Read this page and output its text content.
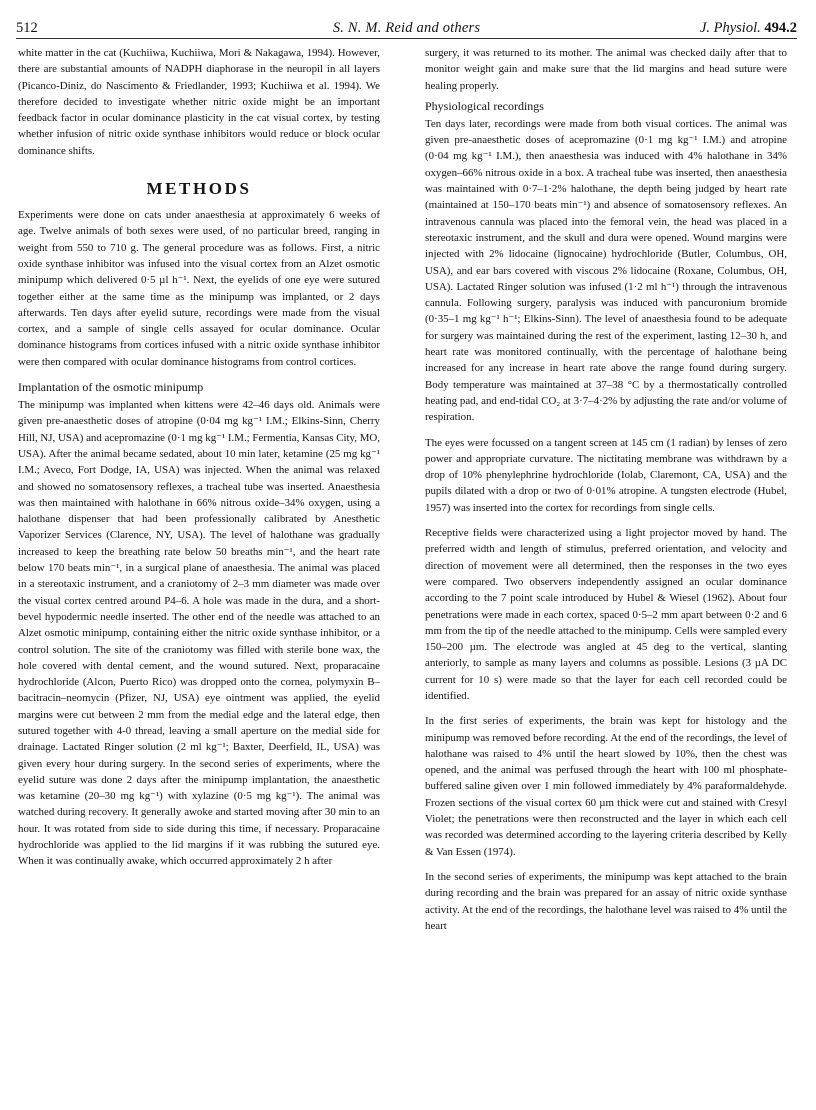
512	S. N. M. Reid and others	J. Physiol. 494.2

white matter in the cat (Kuchiiwa, Kuchiiwa, Mori & Nakagawa, 1994). However, there are substantial amounts of NADPH diaphorase in the neuropil in all layers (Picanco-Diniz, do Nascimento & Friedlander, 1993; Kuchiiwa et al. 1994). We therefore decided to investigate whether nitric oxide might be an important feedback factor in ocular dominance plasticity in the cat visual cortex, by testing whether infusion of nitric oxide synthase inhibitors would reduce or block ocular dominance shifts.

METHODS

Experiments were done on cats under anaesthesia at approximately 6 weeks of age. Twelve animals of both sexes were used, of no particular breed, ranging in weight from 550 to 710 g. The general procedure was as follows. First, a nitric oxide synthase inhibitor was infused into the visual cortex from an Alzet osmotic minipump which delivered 0·5 µl h⁻¹. Next, the eyelids of one eye were sutured together either at the same time as the minipump was implanted, or 2 days afterwards. Ten days after eyelid suture, recordings were made from the visual cortex, and a sample of single cells assayed for ocular dominance. Ocular dominance histograms from cortices infused with a nitric oxide synthase inhibitor were then compared with ocular dominance histograms from control cortices.

Implantation of the osmotic minipump

The minipump was implanted when kittens were 42–46 days old. Animals were given pre-anaesthetic doses of atropine (0·04 mg kg⁻¹ I.M.; Elkins-Sinn, Cherry Hill, NJ, USA) and acepromazine (0·1 mg kg⁻¹ I.M.; Fermentia, Kansas City, MO, USA). After the animal became sedated, about 10 min later, ketamine (25 mg kg⁻¹ I.M.; Aveco, Fort Dodge, IA, USA) was injected. When the animal was relaxed and showed no somatosensory reflexes, a tracheal tube was inserted. Anaesthesia was then maintained with halothane in 66% nitrous oxide–34% oxygen, using a halothane dispenser that had been professionally calibrated by Anesthetic Vaporizer Services (Clarence, NY, USA). The level of halothane was gradually increased to keep the breathing rate below 50 breaths min⁻¹, and the heart rate below 170 beats min⁻¹, in a surgical plane of anaesthesia. The animal was placed in a stereotaxic instrument, and a craniotomy of 2–3 mm diameter was made over the visual cortex centred around P4–6. A hole was made in the dura, and a short-bevel hypodermic needle inserted. The other end of the needle was attached to an Alzet osmotic minipump, containing either the nitric oxide synthase inhibitor, or a control solution. The site of the craniotomy was filled with sterile bone wax, the hole covered with dental cement, and the wound sutured. Next, proparacaine hydrochloride (Alcon, Puerto Rico) was dropped onto the cornea, polymyxin B–bacitracin–neomycin (Pfizer, NJ, USA) eye ointment was applied, the eyelid margins were cut between 2 mm from the medial edge and the lateral edge, then sutured together with 4-0 thread, leaving a small aperture on the medial side for drainage. Lactated Ringer solution (2 ml kg⁻¹; Baxter, Deerfield, IL, USA) was given every hour during surgery. In the second series of experiments, where the eyelid suture was done 2 days after the minipump implantation, the anaesthetic was ketamine (20–30 mg kg⁻¹) with xylazine (0·5 mg kg⁻¹). The animal was watched during recovery. It generally awoke and started moving after 30 min to an hour. It was rotated from side to side during this time, if necessary. Proparacaine hydrochloride was applied to the lid margins if it was rubbing the sutured eye. When it was continually awake, which occurred approximately 2 h after

surgery, it was returned to its mother. The animal was checked daily after that to monitor weight gain and make sure that the lid margins and head suture were healing properly.

Physiological recordings

Ten days later, recordings were made from both visual cortices. The animal was given pre-anaesthetic doses of acepromazine (0·1 mg kg⁻¹ I.M.) and atropine (0·04 mg kg⁻¹ I.M.), then anaesthesia was induced with 4% halothane in 34% oxygen–66% nitrous oxide in a box. A tracheal tube was inserted, then anaesthesia was maintained with 0·7–1·2% halothane, the depth being judged by heart rate (maintained at 150–170 beats min⁻¹) and absence of somatosensory reflexes. An intravenous cannula was placed into the femoral vein, the head was placed in a stereotaxic instrument, and the skull and dura were opened. Wound margins were injected with 2% lidocaine (lignocaine) hydrochloride (Butler, Columbus, OH, USA), and ear bars covered with viscous 2% lidocaine (Roxane, Columbus, OH, USA). Lactated Ringer solution was infused (1·2 ml h⁻¹) through the intravenous cannula. Following surgery, paralysis was induced with pancuronium bromide (0·35–1 mg kg⁻¹ h⁻¹; Elkins-Sinn). The level of anaesthesia found to be adequate for surgery was maintained during the rest of the experiment, lasting 12–30 h, and heart rate was monitored continually, with the percentage of halothane being increased for any increase in heart rate above the range found during surgery. Body temperature was maintained at 37–38 °C by a thermostatically controlled heating pad, and end-tidal CO₂ at 3·7–4·2% by adjusting the rate and/or volume of respiration.

The eyes were focussed on a tangent screen at 145 cm (1 radian) by lenses of zero power and appropriate curvature. The nictitating membrane was withdrawn by a drop of 10% phenylephrine hydrochloride (Iolab, Claremont, CA, USA) and the pupils dilated with a drop or two of 0·01% atropine. A tungsten electrode (Hubel, 1957) was inserted into the cortex for recordings from single cells.

Receptive fields were characterized using a light projector moved by hand. The preferred width and length of stimulus, preferred orientation, and velocity and direction of movement were all determined, then the responses in the two eyes were compared. Two observers independently assigned an ocular dominance according to the 7 point scale introduced by Hubel & Wiesel (1962). About four penetrations were made in each cortex, spaced 0·5–2 mm apart between 0·2 and 6 mm from the tip of the needle attached to the minipump. Cells were sampled every 150–200 µm. The electrode was angled at 45 deg to the vertical, slanting anteriorly, to sample as many layers and columns as possible. Lesions (3 µA DC current for 10 s) were made so that the layer for each cell recorded could be identified.

In the first series of experiments, the brain was kept for histology and the minipump was removed before recording. At the end of the recordings, the level of halothane was raised to 4% until the heart slowed by 10%, then the chest was opened, and the animal was perfused through the heart with 100 ml phosphate-buffered saline given over 1 min followed immediately by 4% paraformaldehyde. Frozen sections of the visual cortex 60 µm thick were cut and stained with Cresyl Violet; the penetrations were then reconstructed and the layer in which each cell was recorded was determined according to the layering criteria described by Kelly & Van Essen (1974).

In the second series of experiments, the minipump was kept attached to the brain during recording and the brain was prepared for an assay of nitric oxide synthase activity. At the end of the recordings, the halothane level was raised to 4% until the heart
